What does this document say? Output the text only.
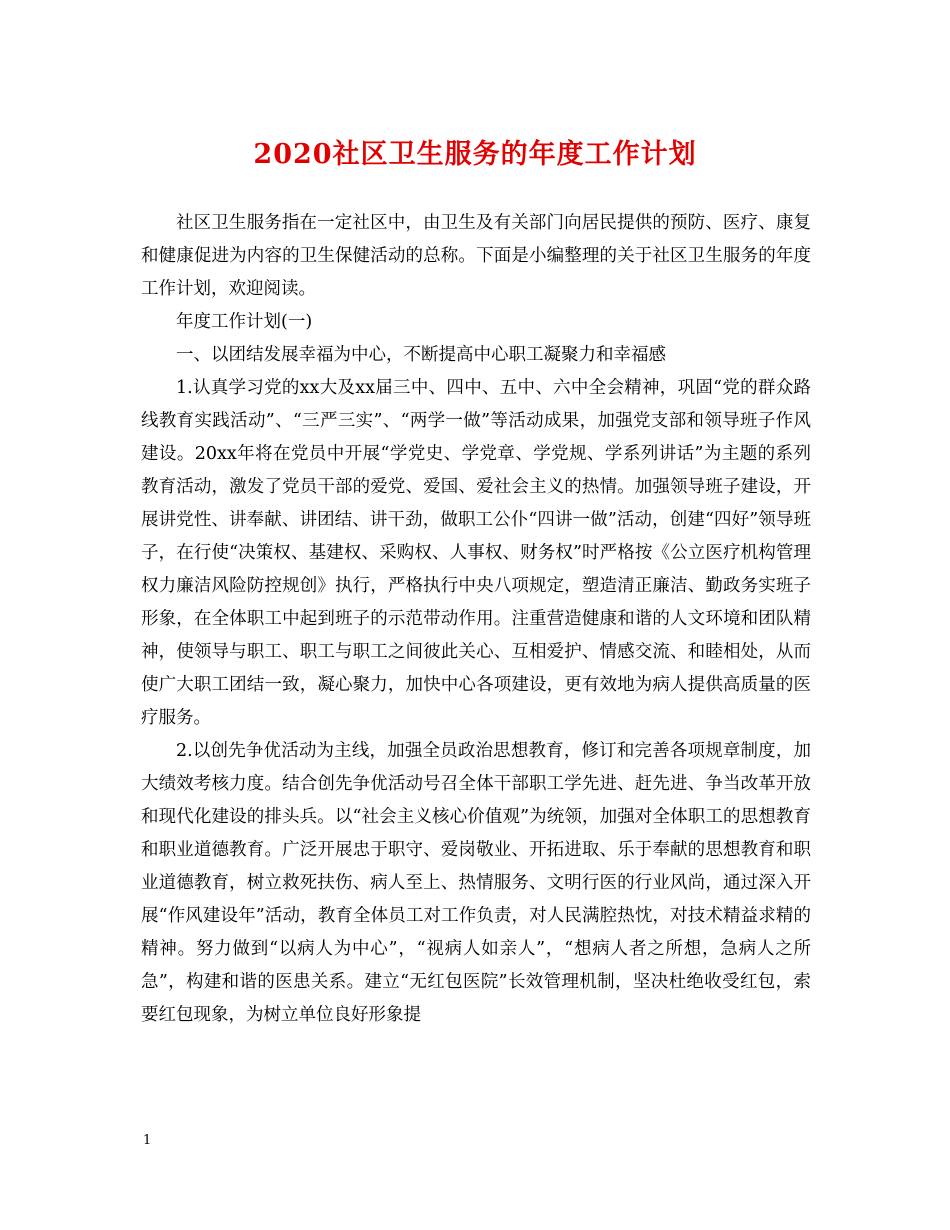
2020社区卫生服务的年度工作计划

社区卫生服务指在一定社区中，由卫生及有关部门向居民提供的预防、医疗、康复和健康促进为内容的卫生保健活动的总称。下面是小编整理的关于社区卫生服务的年度工作计划，欢迎阅读。

年度工作计划(一)

一、以团结发展幸福为中心，不断提高中心职工凝聚力和幸福感

1.认真学习党的xx大及xx届三中、四中、五中、六中全会精神，巩固“党的群众路线教育实践活动”、“三严三实”、“两学一做”等活动成果，加强党支部和领导班子作风建设。20xx年将在党员中开展“学党史、学党章、学党规、学系列讲话”为主题的系列教育活动，激发了党员干部的爱党、爱国、爱社会主义的热情。加强领导班子建设，开展讲党性、讲奉献、讲团结、讲干劲，做职工公仆“四讲一做”活动，创建“四好”领导班子，在行使“决策权、基建权、采购权、人事权、财务权”时严格按《公立医疗机构管理权力廉洁风险防控规创》执行，严格执行中央八项规定，塑造清正廉洁、勤政务实班子形象，在全体职工中起到班子的示范带动作用。注重营造健康和谐的人文环境和团队精神，使领导与职工、职工与职工之间彼此关心、互相爱护、情感交流、和睦相处，从而使广大职工团结一致，凝心聚力，加快中心各项建设，更有效地为病人提供高质量的医疗服务。

2.以创先争优活动为主线，加强全员政治思想教育，修订和完善各项规章制度，加大绩效考核力度。结合创先争优活动号召全体干部职工学先进、赶先进、争当改革开放和现代化建设的排头兵。以“社会主义核心价值观”为统领，加强对全体职工的思想教育和职业道德教育。广泛开展忠于职守、爱岗敬业、开拓进取、乐于奉献的思想教育和职业道德教育，树立救死扶伤、病人至上、热情服务、文明行医的行业风尚，通过深入开展“作风建设年”活动，教育全体员工对工作负责，对人民满腔热忱，对技术精益求精的精神。努力做到“以病人为中心”，“视病人如亲人”，“想病人者之所想，急病人之所急”，构建和谐的医患关系。建立“无红包医院”长效管理机制，坚决杜绝收受红包，索要红包现象，为树立单位良好形象提

1
